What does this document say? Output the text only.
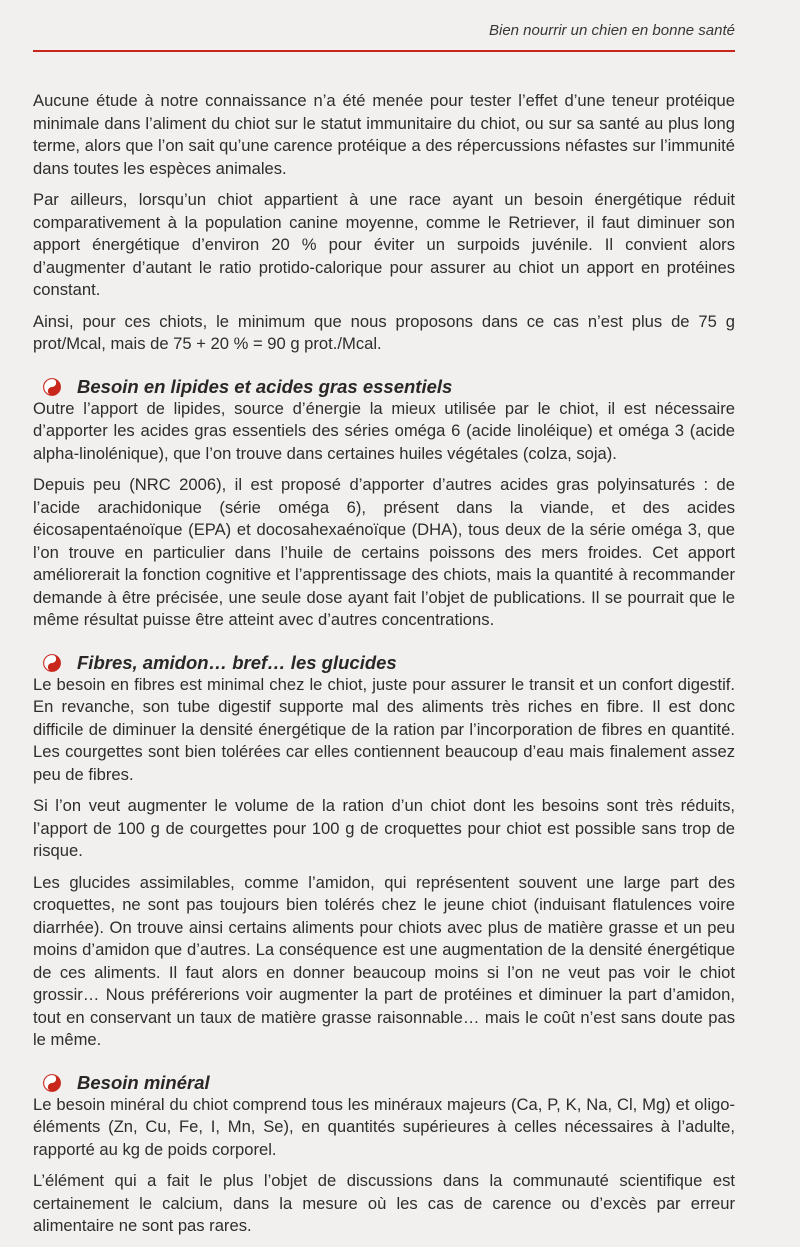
Bien nourrir un chien en bonne santé

Aucune étude à notre connaissance n’a été menée pour tester l’effet d’une teneur protéique minimale dans l’aliment du chiot sur le statut immunitaire du chiot, ou sur sa santé au plus long terme, alors que l’on sait qu’une carence protéique a des répercussions néfastes sur l’immunité dans toutes les espèces animales.

Par ailleurs, lorsqu’un chiot appartient à une race ayant un besoin énergétique réduit comparativement à la population canine moyenne, comme le Retriever, il faut diminuer son apport énergétique d’environ 20 % pour éviter un surpoids juvénile. Il convient alors d’augmenter d’autant le ratio protido-calorique pour assurer au chiot un apport en protéines constant.

Ainsi, pour ces chiots, le minimum que nous proposons dans ce cas n’est plus de 75 g prot/Mcal, mais de 75 + 20 % = 90 g prot./Mcal.

Besoin en lipides et acides gras essentiels

Outre l’apport de lipides, source d’énergie la mieux utilisée par le chiot, il est nécessaire d’apporter les acides gras essentiels des séries oméga 6 (acide linoléique) et oméga 3 (acide alpha-linolénique), que l’on trouve dans certaines huiles végétales (colza, soja).

Depuis peu (NRC 2006), il est proposé d’apporter d’autres acides gras polyinsaturés : de l’acide arachidonique (série oméga 6), présent dans la viande, et des acides éicosapentaénoïque (EPA) et docosahexaénoïque (DHA), tous deux de la série oméga 3, que l’on trouve en particulier dans l’huile de certains poissons des mers froides. Cet apport améliorerait la fonction cognitive et l’apprentissage des chiots, mais la quantité à recommander demande à être précisée, une seule dose ayant fait l’objet de publications. Il se pourrait que le même résultat puisse être atteint avec d’autres concentrations.

Fibres, amidon… bref… les glucides

Le besoin en fibres est minimal chez le chiot, juste pour assurer le transit et un confort digestif. En revanche, son tube digestif supporte mal des aliments très riches en fibre. Il est donc difficile de diminuer la densité énergétique de la ration par l’incorporation de fibres en quantité. Les courgettes sont bien tolérées car elles contiennent beaucoup d’eau mais finalement assez peu de fibres.

Si l’on veut augmenter le volume de la ration d’un chiot dont les besoins sont très réduits, l’apport de 100 g de courgettes pour 100 g de croquettes pour chiot est possible sans trop de risque.

Les glucides assimilables, comme l’amidon, qui représentent souvent une large part des croquettes, ne sont pas toujours bien tolérés chez le jeune chiot (induisant flatulences voire diarrhée). On trouve ainsi certains aliments pour chiots avec plus de matière grasse et un peu moins d’amidon que d’autres. La conséquence est une augmentation de la densité énergétique de ces aliments. Il faut alors en donner beaucoup moins si l’on ne veut pas voir le chiot grossir… Nous préférerions voir augmenter la part de protéines et diminuer la part d’amidon, tout en conservant un taux de matière grasse raisonnable… mais le coût n’est sans doute pas le même.

Besoin minéral

Le besoin minéral du chiot comprend tous les minéraux majeurs (Ca, P, K, Na, Cl, Mg) et oligo-éléments (Zn, Cu, Fe, I, Mn, Se), en quantités supérieures à celles nécessaires à l’adulte, rapporté au kg de poids corporel.

L’élément qui a fait le plus l’objet de discussions dans la communauté scientifique est certainement le calcium, dans la mesure où les cas de carence ou d’excès par erreur alimentaire ne sont pas rares.
